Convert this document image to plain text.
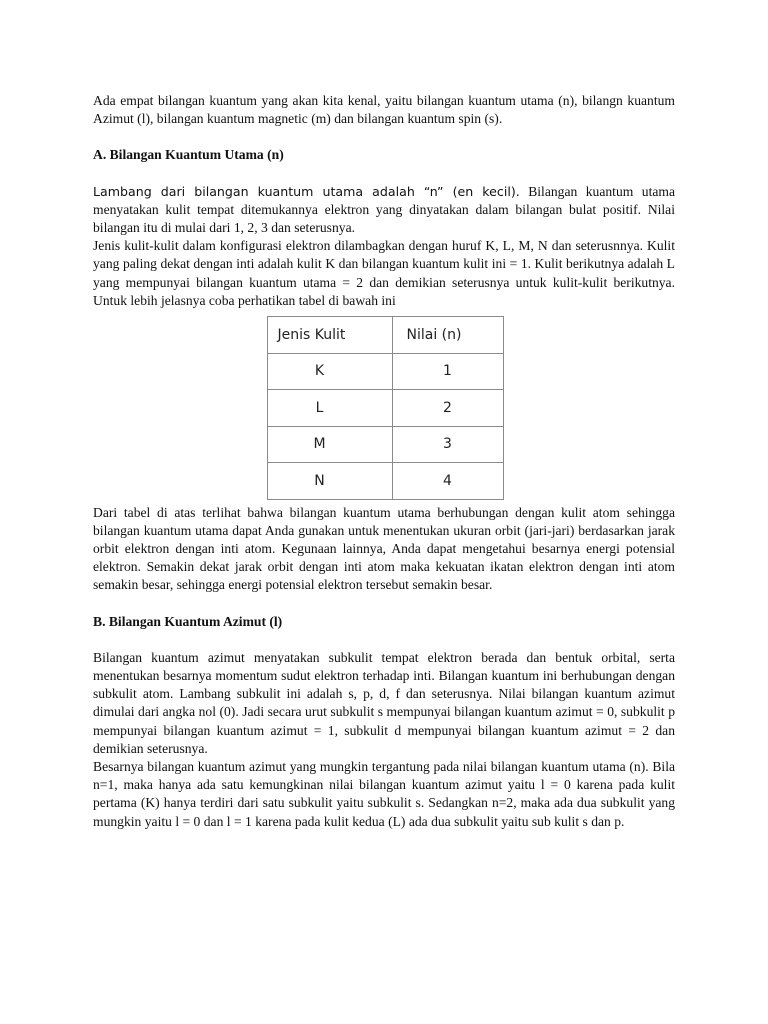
Ada empat bilangan kuantum yang akan kita kenal, yaitu bilangan kuantum utama (n), bilangn kuantum Azimut (l), bilangan kuantum magnetic (m) dan bilangan kuantum spin (s).

A. Bilangan Kuantum Utama (n)

Lambang dari bilangan kuantum utama adalah “n” (en kecil). Bilangan kuantum utama menyatakan kulit tempat ditemukannya elektron yang dinyatakan dalam bilangan bulat positif. Nilai bilangan itu di mulai dari 1, 2, 3 dan seterusnya.

Jenis kulit-kulit dalam konfigurasi elektron dilambagkan dengan huruf K, L, M, N dan seterusnnya. Kulit yang paling dekat dengan inti adalah kulit K dan bilangan kuantum kulit ini = 1. Kulit berikutnya adalah L yang mempunyai bilangan kuantum utama = 2 dan demikian seterusnya untuk kulit-kulit berikutnya. Untuk lebih jelasnya coba perhatikan tabel di bawah ini

Jenis Kulit	Nilai (n)
K	1
L	2
M	3
N	4

Dari tabel di atas terlihat bahwa bilangan kuantum utama berhubungan dengan kulit atom sehingga bilangan kuantum utama dapat Anda gunakan untuk menentukan ukuran orbit (jari-jari) berdasarkan jarak orbit elektron dengan inti atom. Kegunaan lainnya, Anda dapat mengetahui besarnya energi potensial elektron. Semakin dekat jarak orbit dengan inti atom maka kekuatan ikatan elektron dengan inti atom semakin besar, sehingga energi potensial elektron tersebut semakin besar.

B. Bilangan Kuantum Azimut (l)

Bilangan kuantum azimut menyatakan subkulit tempat elektron berada dan bentuk orbital, serta menentukan besarnya momentum sudut elektron terhadap inti. Bilangan kuantum ini berhubungan dengan subkulit atom. Lambang subkulit ini adalah s, p, d, f dan seterusnya. Nilai bilangan kuantum azimut dimulai dari angka nol (0). Jadi secara urut subkulit s mempunyai bilangan kuantum azimut = 0, subkulit p mempunyai bilangan kuantum azimut = 1, subkulit d mempunyai bilangan kuantum azimut = 2 dan demikian seterusnya.

Besarnya bilangan kuantum azimut yang mungkin tergantung pada nilai bilangan kuantum utama (n). Bila n=1, maka hanya ada satu kemungkinan nilai bilangan kuantum azimut yaitu l = 0 karena pada kulit pertama (K) hanya terdiri dari satu subkulit yaitu subkulit s. Sedangkan n=2, maka ada dua subkulit yang mungkin yaitu l = 0 dan l = 1 karena pada kulit kedua (L) ada dua subkulit yaitu sub kulit s dan p.
